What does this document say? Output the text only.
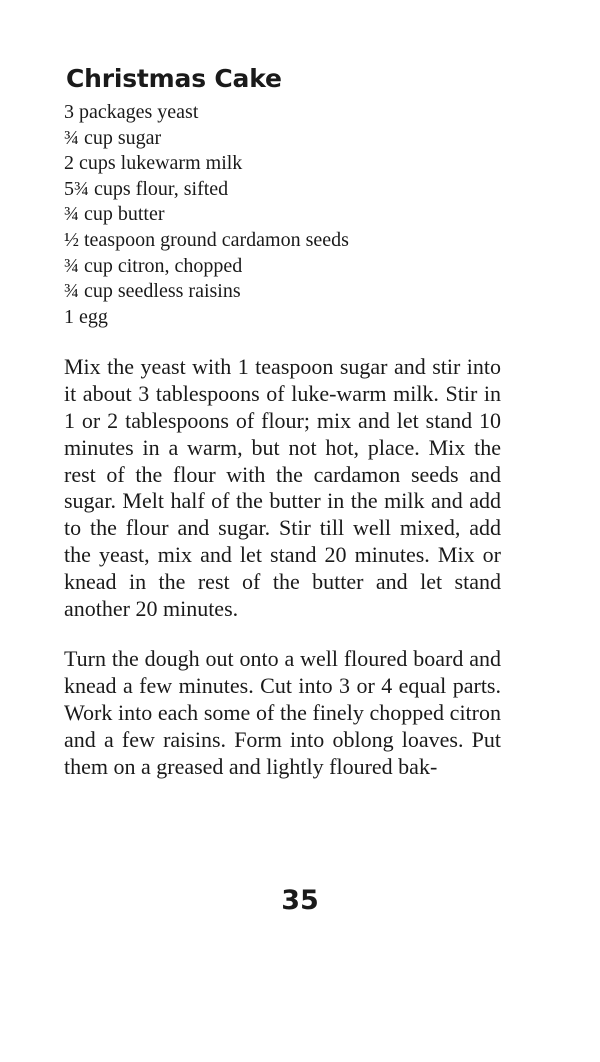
Christmas Cake
3 packages yeast
¾ cup sugar
2 cups lukewarm milk
5¾ cups flour, sifted
¾ cup butter
½ teaspoon ground cardamon seeds
¾ cup citron, chopped
¾ cup seedless raisins
1 egg

Mix the yeast with 1 teaspoon sugar and stir into it about 3 tablespoons of luke-warm milk. Stir in 1 or 2 tablespoons of flour; mix and let stand 10 minutes in a warm, but not hot, place. Mix the rest of the flour with the cardamon seeds and sugar. Melt half of the butter in the milk and add to the flour and sugar. Stir till well mixed, add the yeast, mix and let stand 20 minutes. Mix or knead in the rest of the butter and let stand another 20 minutes.

Turn the dough out onto a well floured board and knead a few minutes. Cut into 3 or 4 equal parts. Work into each some of the finely chopped citron and a few raisins. Form into oblong loaves. Put them on a greased and lightly floured bak-

35
